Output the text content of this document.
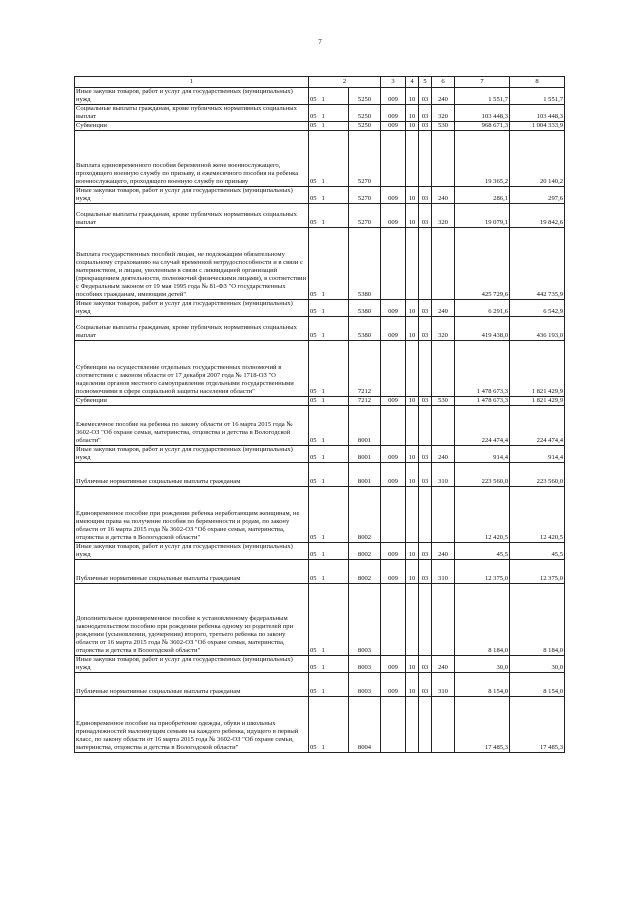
7
1	2			3	4	5	6	7	8
Иные закупки товаров, работ и услуг для государственных (муниципальных) нужд	05	1	5250	009	10	03	240	1 551,7	1 551,7
Социальные выплаты гражданам, кроме публичных нормативных социальных выплат	05	1	5250	009	10	03	320	103 448,3	103 448,3
Субвенции	05	1	5250	009	10	03	530	968 671,3	1 004 333,9
Выплата единовременного пособия беременной жене военнослужащего, проходящего военную службу по призыву, и ежемесячного пособия на ребенка военнослужащего, проходящего военную службу по призыву	05	1	5270					19 365,2	20 140,2
Иные закупки товаров, работ и услуг для государственных (муниципальных) нужд	05	1	5270	009	10	03	240	286,1	297,6
Социальные выплаты гражданам, кроме публичных нормативных социальных выплат	05	1	5270	009	10	03	320	19 079,1	19 842,6
Выплата государственных пособий лицам, не подлежащим обязательному социальному страхованию на случай временной нетрудоспособности и в связи с материнством, и лицам, уволенным в связи с ликвидацией организаций (прекращением деятельности, полномочий физическими лицами), в соответствии с Федеральным законом от 19 мая 1995 года № 81-ФЗ "О государственных пособиях гражданам, имеющим детей"	05	1	5380					425 729,6	442 735,9
Иные закупки товаров, работ и услуг для государственных (муниципальных) нужд	05	1	5380	009	10	03	240	6 291,6	6 542,9
Социальные выплаты гражданам, кроме публичных нормативных социальных выплат	05	1	5380	009	10	03	320	419 438,0	436 193,0
Субвенции на осуществление отдельных государственных полномочий в соответствии с законом области от 17 декабря 2007 года № 1718-ОЗ "О наделении органов местного самоуправления отдельными государственными полномочиями в сфере социальной защиты населения области"	05	1	7212					1 478 673,3	1 821 429,9
Субвенции	05	1	7212	009	10	03	530	1 478 673,3	1 821 429,9
Ежемесячное пособие на ребенка по закону области от 16 марта 2015 года № 3602-ОЗ "Об охране семьи, материнства, отцовства и детства в Вологодской области"	05	1	8001					224 474,4	224 474,4
Иные закупки товаров, работ и услуг для государственных (муниципальных) нужд	05	1	8001	009	10	03	240	914,4	914,4
Публичные нормативные социальные выплаты гражданам	05	1	8001	009	10	03	310	223 560,0	223 560,0
Единовременное пособие при рождении ребенка неработающим женщинам, не имеющим права на получение пособия по беременности и родам, по закону области от 16 марта 2015 года № 3602-ОЗ "Об охране семьи, материнства, отцовства и детства в Вологодской области"	05	1	8002					12 420,5	12 420,5
Иные закупки товаров, работ и услуг для государственных (муниципальных) нужд	05	1	8002	009	10	03	240	45,5	45,5
Публичные нормативные социальные выплаты гражданам	05	1	8002	009	10	03	310	12 375,0	12 375,0
Дополнительное единовременное пособие к установленному федеральным законодательством пособию при рождении ребенка одному из родителей при рождении (усыновлении, удочерении) второго, третьего ребенка по закону области от 16 марта 2015 года № 3602-ОЗ "Об охране семьи, материнства, отцовства и детства в Вологодской области"	05	1	8003					8 184,0	8 184,0
Иные закупки товаров, работ и услуг для государственных (муниципальных) нужд	05	1	8003	009	10	03	240	30,0	30,0
Публичные нормативные социальные выплаты гражданам	05	1	8003	009	10	03	310	8 154,0	8 154,0
Единовременное пособие на приобретение одежды, обуви и школьных принадлежностей малоимущим семьям на каждого ребенка, идущего в первый класс, по закону области от 16 марта 2015 года № 3602-ОЗ "Об охране семьи, материнства, отцовства и детства в Вологодской области"	05	1	8004					17 485,3	17 485,3
